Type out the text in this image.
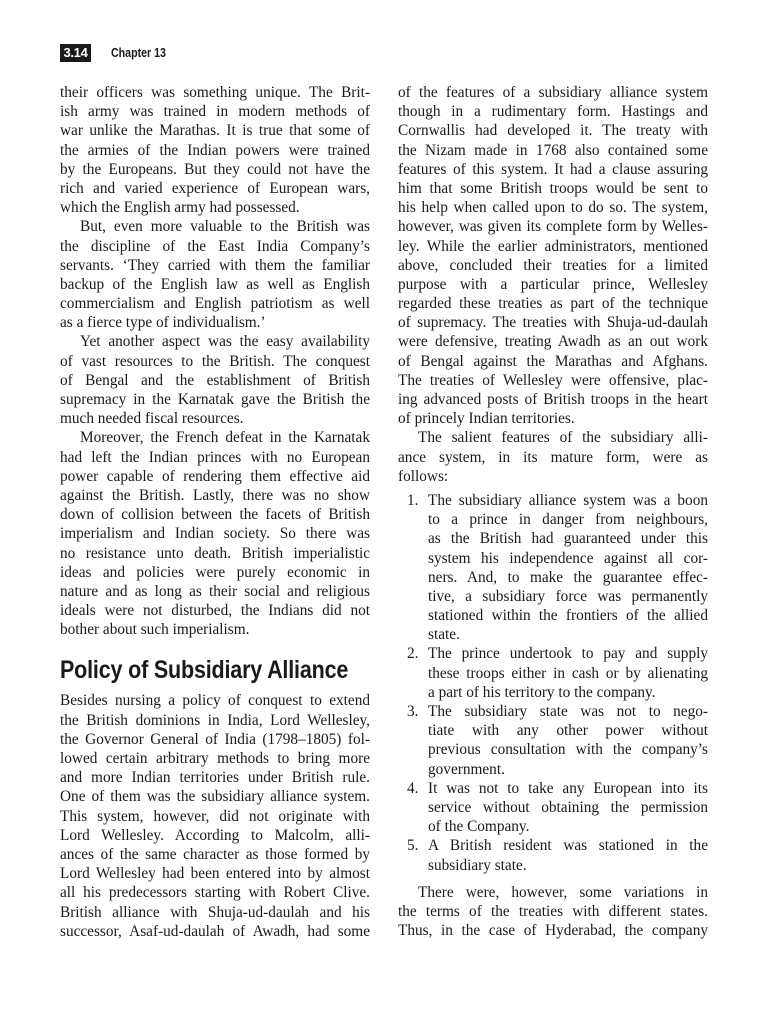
3.14 Chapter 13
their officers was something unique. The Brit-
ish army was trained in modern methods of
war unlike the Marathas. It is true that some of
the armies of the Indian powers were trained
by the Europeans. But they could not have the
rich and varied experience of European wars,
which the English army had possessed.
But, even more valuable to the British was
the discipline of the East India Company’s
servants. ‘They carried with them the familiar
backup of the English law as well as English
commercialism and English patriotism as well
as a fierce type of individualism.’
Yet another aspect was the easy availability
of vast resources to the British. The conquest
of Bengal and the establishment of British
supremacy in the Karnatak gave the British the
much needed fiscal resources.
Moreover, the French defeat in the Karnatak
had left the Indian princes with no European
power capable of rendering them effective aid
against the British. Lastly, there was no show
down of collision between the facets of British
imperialism and Indian society. So there was
no resistance unto death. British imperialistic
ideas and policies were purely economic in
nature and as long as their social and religious
ideals were not disturbed, the Indians did not
bother about such imperialism.
Policy of Subsidiary Alliance
Besides nursing a policy of conquest to extend
the British dominions in India, Lord Wellesley,
the Governor General of India (1798–1805) fol-
lowed certain arbitrary methods to bring more
and more Indian territories under British rule.
One of them was the subsidiary alliance system.
This system, however, did not originate with
Lord Wellesley. According to Malcolm, alli-
ances of the same character as those formed by
Lord Wellesley had been entered into by almost
all his predecessors starting with Robert Clive.
British alliance with Shuja-ud-daulah and his
successor, Asaf-ud-daulah of Awadh, had some
of the features of a subsidiary alliance system
though in a rudimentary form. Hastings and
Cornwallis had developed it. The treaty with
the Nizam made in 1768 also contained some
features of this system. It had a clause assuring
him that some British troops would be sent to
his help when called upon to do so. The system,
however, was given its complete form by Welles-
ley. While the earlier administrators, mentioned
above, concluded their treaties for a limited
purpose with a particular prince, Wellesley
regarded these treaties as part of the technique
of supremacy. The treaties with Shuja-ud-daulah
were defensive, treating Awadh as an out work
of Bengal against the Marathas and Afghans.
The treaties of Wellesley were offensive, plac-
ing advanced posts of British troops in the heart
of princely Indian territories.
The salient features of the subsidiary alli-
ance system, in its mature form, were as
follows:
1. The subsidiary alliance system was a boon
to a prince in danger from neighbours,
as the British had guaranteed under this
system his independence against all cor-
ners. And, to make the guarantee effec-
tive, a subsidiary force was permanently
stationed within the frontiers of the allied
state.
2. The prince undertook to pay and supply
these troops either in cash or by alienating
a part of his territory to the company.
3. The subsidiary state was not to nego-
tiate with any other power without
previous consultation with the company’s
government.
4. It was not to take any European into its
service without obtaining the permission
of the Company.
5. A British resident was stationed in the
subsidiary state.
There were, however, some variations in
the terms of the treaties with different states.
Thus, in the case of Hyderabad, the company
